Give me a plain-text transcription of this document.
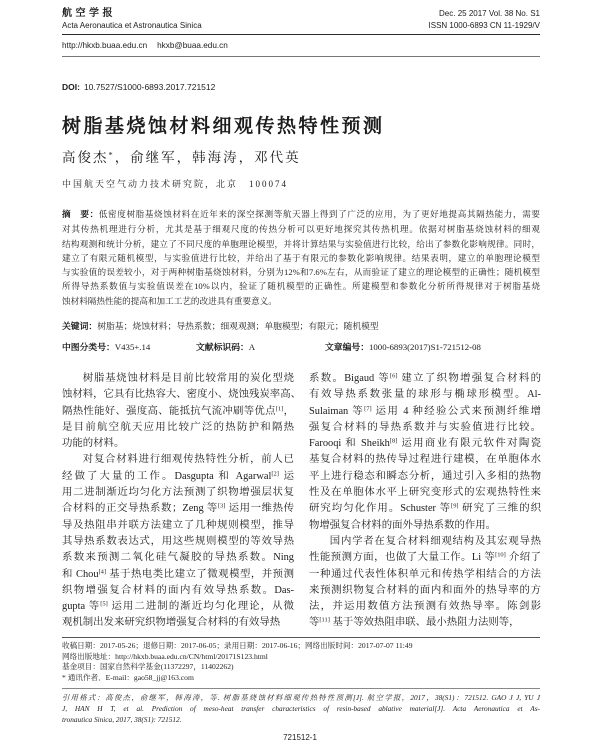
航 空 学 报
Acta Aeronautica et Astronautica Sinica
Dec. 25 2017 Vol. 38 No. S1
ISSN 1000-6893 CN 11-1929/V
http://hkxb.buaa.edu.cn hkxb@buaa.edu.cn
DOI: 10.7527/S1000-6893.2017.721512
树脂基烧蚀材料细观传热特性预测
高俊杰*，俞继军，韩海涛，邓代英
中国航天空气动力技术研究院，北京　100074
摘　要：低密度树脂基烧蚀材料在近年来的深空探测等航天器上得到了广泛的应用，为了更好地提高其隔热能力，需要
对其传热机理进行分析，尤其是基于细观尺度的传热分析可以更好地探究其传热机理。依据对树脂基烧蚀材料的细观
结构观测和统计分析，建立了不同尺度的单胞理论模型，并将计算结果与实验值进行比较，给出了参数化影响规律。同时，
建立了有限元随机模型，与实验值进行比较，并给出了基于有限元的参数化影响规律。结果表明，建立的单胞理论模型
与实验值的误差较小，对于两种树脂基烧蚀材料，分别为12%和7.6%左右，从而验证了建立的理论模型的正确性；随机模型
所得导热系数值与实验值误差在10%以内，验证了随机模型的正确性。所建模型和参数化分析所得规律对于树脂基烧
蚀材料隔热性能的提高和加工工艺的改进具有重要意义。
关键词：树脂基；烧蚀材料；导热系数；细观观测；单胞模型；有限元；随机模型
中图分类号：V435+.14	文献标识码：A	文章编号：1000-6893(2017)S1-721512-08
树脂基烧蚀材料是目前比较常用的炭化型烧
蚀材料，它具有比热容大、密度小、烧蚀残炭率高、
隔热性能好、强度高、能抵抗气流冲刷等优点[1]，
是目前航空航天应用比较广泛的热防护和隔热
功能的材料。
对复合材料进行细观传热特性分析，前人已
经做了大量的工作。Dasgupta 和 Agarwal[2] 运
用二进制渐近均匀化方法预测了织物增强层状复
合材料的正交导热系数；Zeng 等[3] 运用一维热传
导及热阻串并联方法建立了几种规则模型，推导
其导热系数表达式，用这些规则模型的等效导热
系数来预测二氧化硅气凝胶的导热系数。Ning
和 Chou[4] 基于热电类比建立了微观模型，并预测
织物增强复合材料的面内有效导热系数。Das-
gupta 等[5] 运用二进制的渐近均匀化理论，从微
观机制出发来研究织物增强复合材料的有效导热
系数。Bigaud 等[6] 建立了织物增强复合材料的
有效导热系数张量的球形与椭球形模型。Al-
Sulaiman 等[7] 运用 4 种经验公式来预测纤维增
强复合材料的导热系数并与实验值进行比较。
Farooqi 和 Sheikh[8] 运用商业有限元软件对陶瓷
基复合材料的热传导过程进行建模，在单胞体水
平上进行稳态和瞬态分析，通过引入多相的热物
性及在单胞体水平上研究变形式的宏观热特性来
研究均匀化作用。Schuster 等[9] 研究了三维的织
物增强复合材料的面外导热系数的作用。
国内学者在复合材料细观结构及其宏观导热
性能预测方面，也做了大量工作。Li 等[10] 介绍了
一种通过代表性体积单元和传热学相结合的方法
来预测织物复合材料的面内和面外的热导率的方
法，并运用数值方法预测有效热导率。陈剑影
等[11] 基于等效热阻串联、最小热阻力法则等，
收稿日期：2017-05-26；退修日期：2017-06-05；录用日期：2017-06-16；网络出版时间：2017-07-07 11:49
网络出版地址：http://hkxb.buaa.edu.cn/CN/html/20171S123.html
基金项目：国家自然科学基金(11372297，11402262)
* 通讯作者．E-mail：gao58_jj@163.com
引用格式：高俊杰，俞继军，韩海涛，等. 树脂基烧蚀材料细观传热特性预测[J]. 航空学报，2017，38(S1)：721512. GAO J J, YU J
J, HAN H T, et al. Prediction of meso-heat transfer characteristics of resin-based ablative material[J]. Acta Aeronautica et As-
tronautica Sinica, 2017, 38(S1): 721512.
721512-1
